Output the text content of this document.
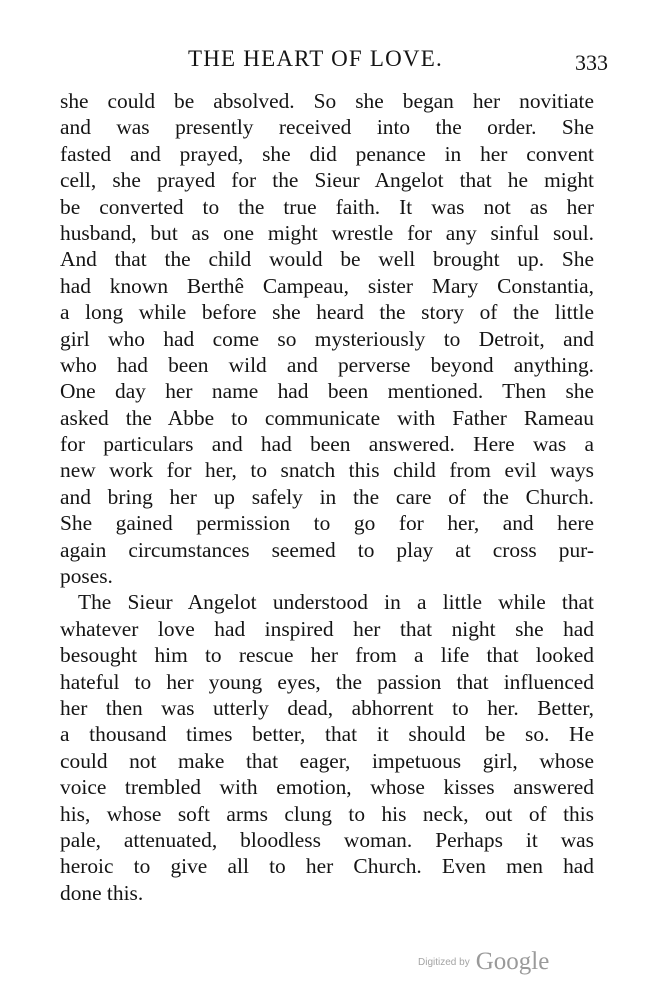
THE HEART OF LOVE.	333
she could be absolved. So she began her novitiate
and was presently received into the order. She
fasted and prayed, she did penance in her convent
cell, she prayed for the Sieur Angelot that he might
be converted to the true faith. It was not as her
husband, but as one might wrestle for any sinful soul.
And that the child would be well brought up. She
had known Berthê Campeau, sister Mary Constantia,
a long while before she heard the story of the little
girl who had come so mysteriously to Detroit, and
who had been wild and perverse beyond anything.
One day her name had been mentioned. Then she
asked the Abbe to communicate with Father Rameau
for particulars and had been answered. Here was a
new work for her, to snatch this child from evil ways
and bring her up safely in the care of the Church.
She gained permission to go for her, and here
again circumstances seemed to play at cross pur-
poses.
The Sieur Angelot understood in a little while that
whatever love had inspired her that night she had
besought him to rescue her from a life that looked
hateful to her young eyes, the passion that influenced
her then was utterly dead, abhorrent to her. Better,
a thousand times better, that it should be so. He
could not make that eager, impetuous girl, whose
voice trembled with emotion, whose kisses answered
his, whose soft arms clung to his neck, out of this
pale, attenuated, bloodless woman. Perhaps it was
heroic to give all to her Church. Even men had
done this.
Digitized by Google
